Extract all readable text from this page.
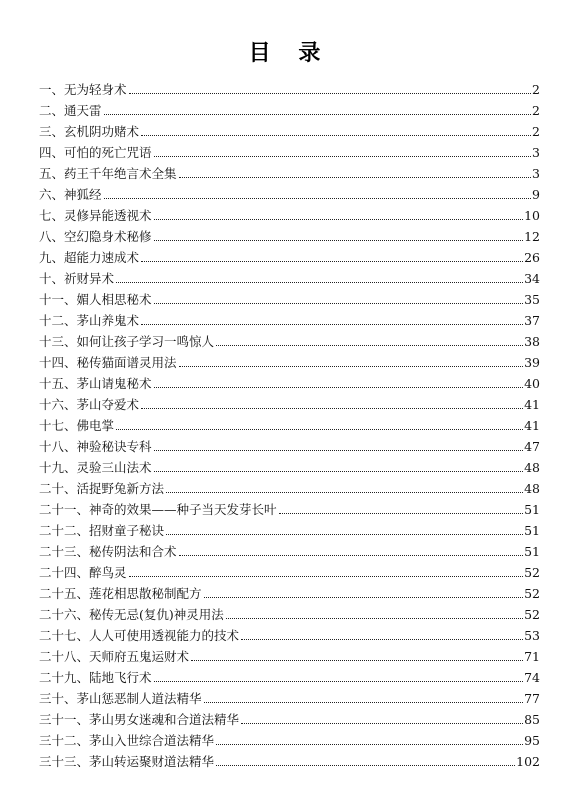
目 录
一、无为轻身术	2
二、通天雷	2
三、玄机阴功赌术	2
四、可怕的死亡咒语	3
五、药王千年绝言术全集	3
六、神狐经	9
七、灵修异能透视术	10
八、空幻隐身术秘修	12
九、超能力速成术	26
十、祈财异术	34
十一、媚人相思秘术	35
十二、茅山养鬼术	37
十三、如何让孩子学习一鸣惊人	38
十四、秘传猫面谱灵用法	39
十五、茅山请鬼秘术	40
十六、茅山夺爱术	41
十七、佛电掌	41
十八、神验秘诀专科	47
十九、灵验三山法术	48
二十、活捉野兔新方法	48
二十一、神奇的效果——种子当天发芽长叶	51
二十二、招财童子秘诀	51
二十三、秘传阴法和合术	51
二十四、醉鸟灵	52
二十五、莲花相思散秘制配方	52
二十六、秘传无忌(复仇)神灵用法	52
二十七、人人可使用透视能力的技术	53
二十八、天师府五鬼运财术	71
二十九、陆地飞行术	74
三十、茅山惩恶制人道法精华	77
三十一、茅山男女迷魂和合道法精华	85
三十二、茅山入世综合道法精华	95
三十三、茅山转运聚财道法精华	102
